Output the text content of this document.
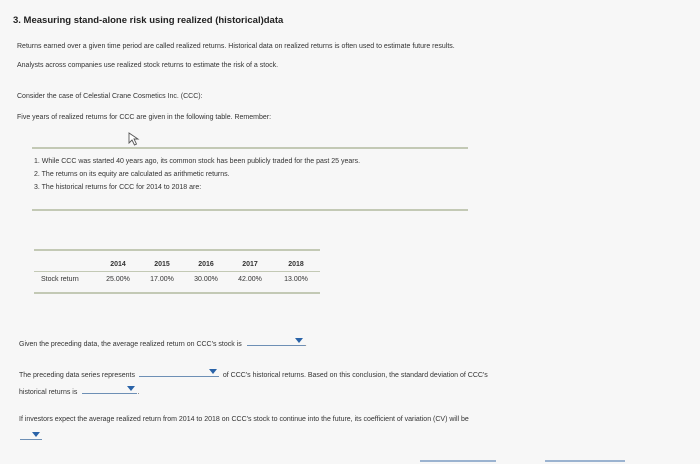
3. Measuring stand-alone risk using realized (historical)data
Returns earned over a given time period are called realized returns. Historical data on realized returns is often used to estimate future results.
Analysts across companies use realized stock returns to estimate the risk of a stock.
Consider the case of Celestial Crane Cosmetics Inc. (CCC):
Five years of realized returns for CCC are given in the following table. Remember:
1. While CCC was started 40 years ago, its common stock has been publicly traded for the past 25 years.
2. The returns on its equity are calculated as arithmetic returns.
3. The historical returns for CCC for 2014 to 2018 are:
	2014	2015	2016	2017	2018
Stock return	25.00%	17.00%	30.00%	42.00%	13.00%
Given the preceding data, the average realized return on CCC's stock is	.
The preceding data series represents	of CCC's historical returns. Based on this conclusion, the standard deviation of CCC's
historical returns is	.
If investors expect the average realized return from 2014 to 2018 on CCC's stock to continue into the future, its coefficient of variation (CV) will be
